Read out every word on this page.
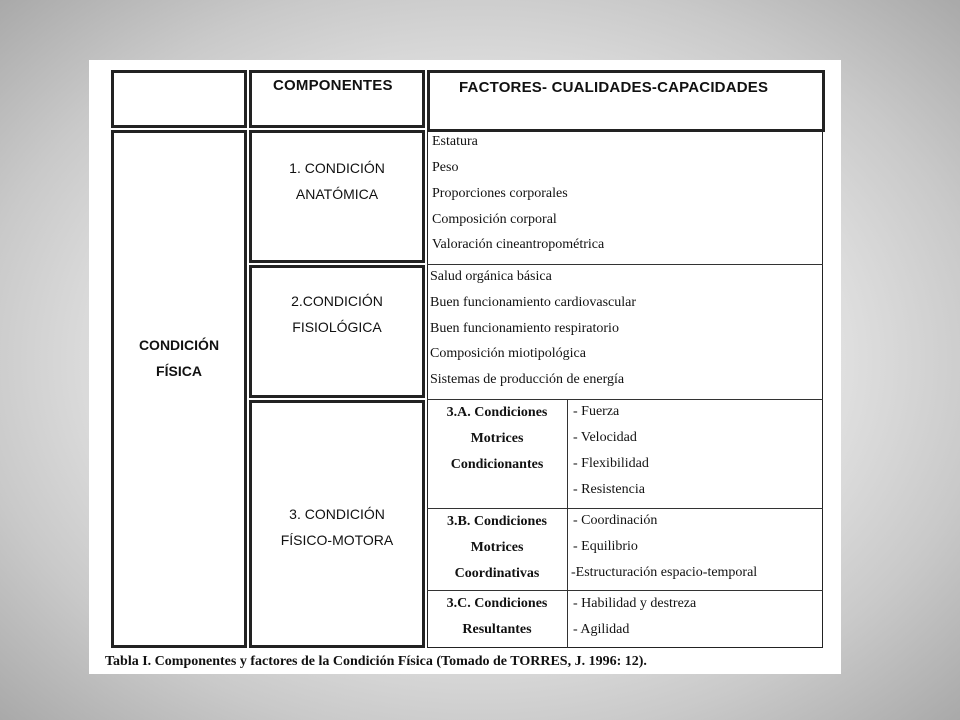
COMPONENTES	FACTORES- CUALIDADES-CAPACIDADES
CONDICIÓN
FÍSICA
1. CONDICIÓN
ANATÓMICA
2.CONDICIÓN
FISIOLÓGICA
3. CONDICIÓN
FÍSICO-MOTORA
Estatura
Peso
Proporciones corporales
Composición corporal
Valoración cineantropométrica
Salud orgánica básica
Buen funcionamiento cardiovascular
Buen funcionamiento respiratorio
Composición miotipológica
Sistemas de producción de energía
3.A. Condiciones
Motrices
Condicionantes
- Fuerza
- Velocidad
- Flexibilidad
- Resistencia
3.B. Condiciones
Motrices
Coordinativas
- Coordinación
- Equilibrio
-Estructuración espacio-temporal
3.C. Condiciones
Resultantes
- Habilidad y destreza
- Agilidad
Tabla I. Componentes y factores de la Condición Física (Tomado de TORRES, J. 1996: 12).
